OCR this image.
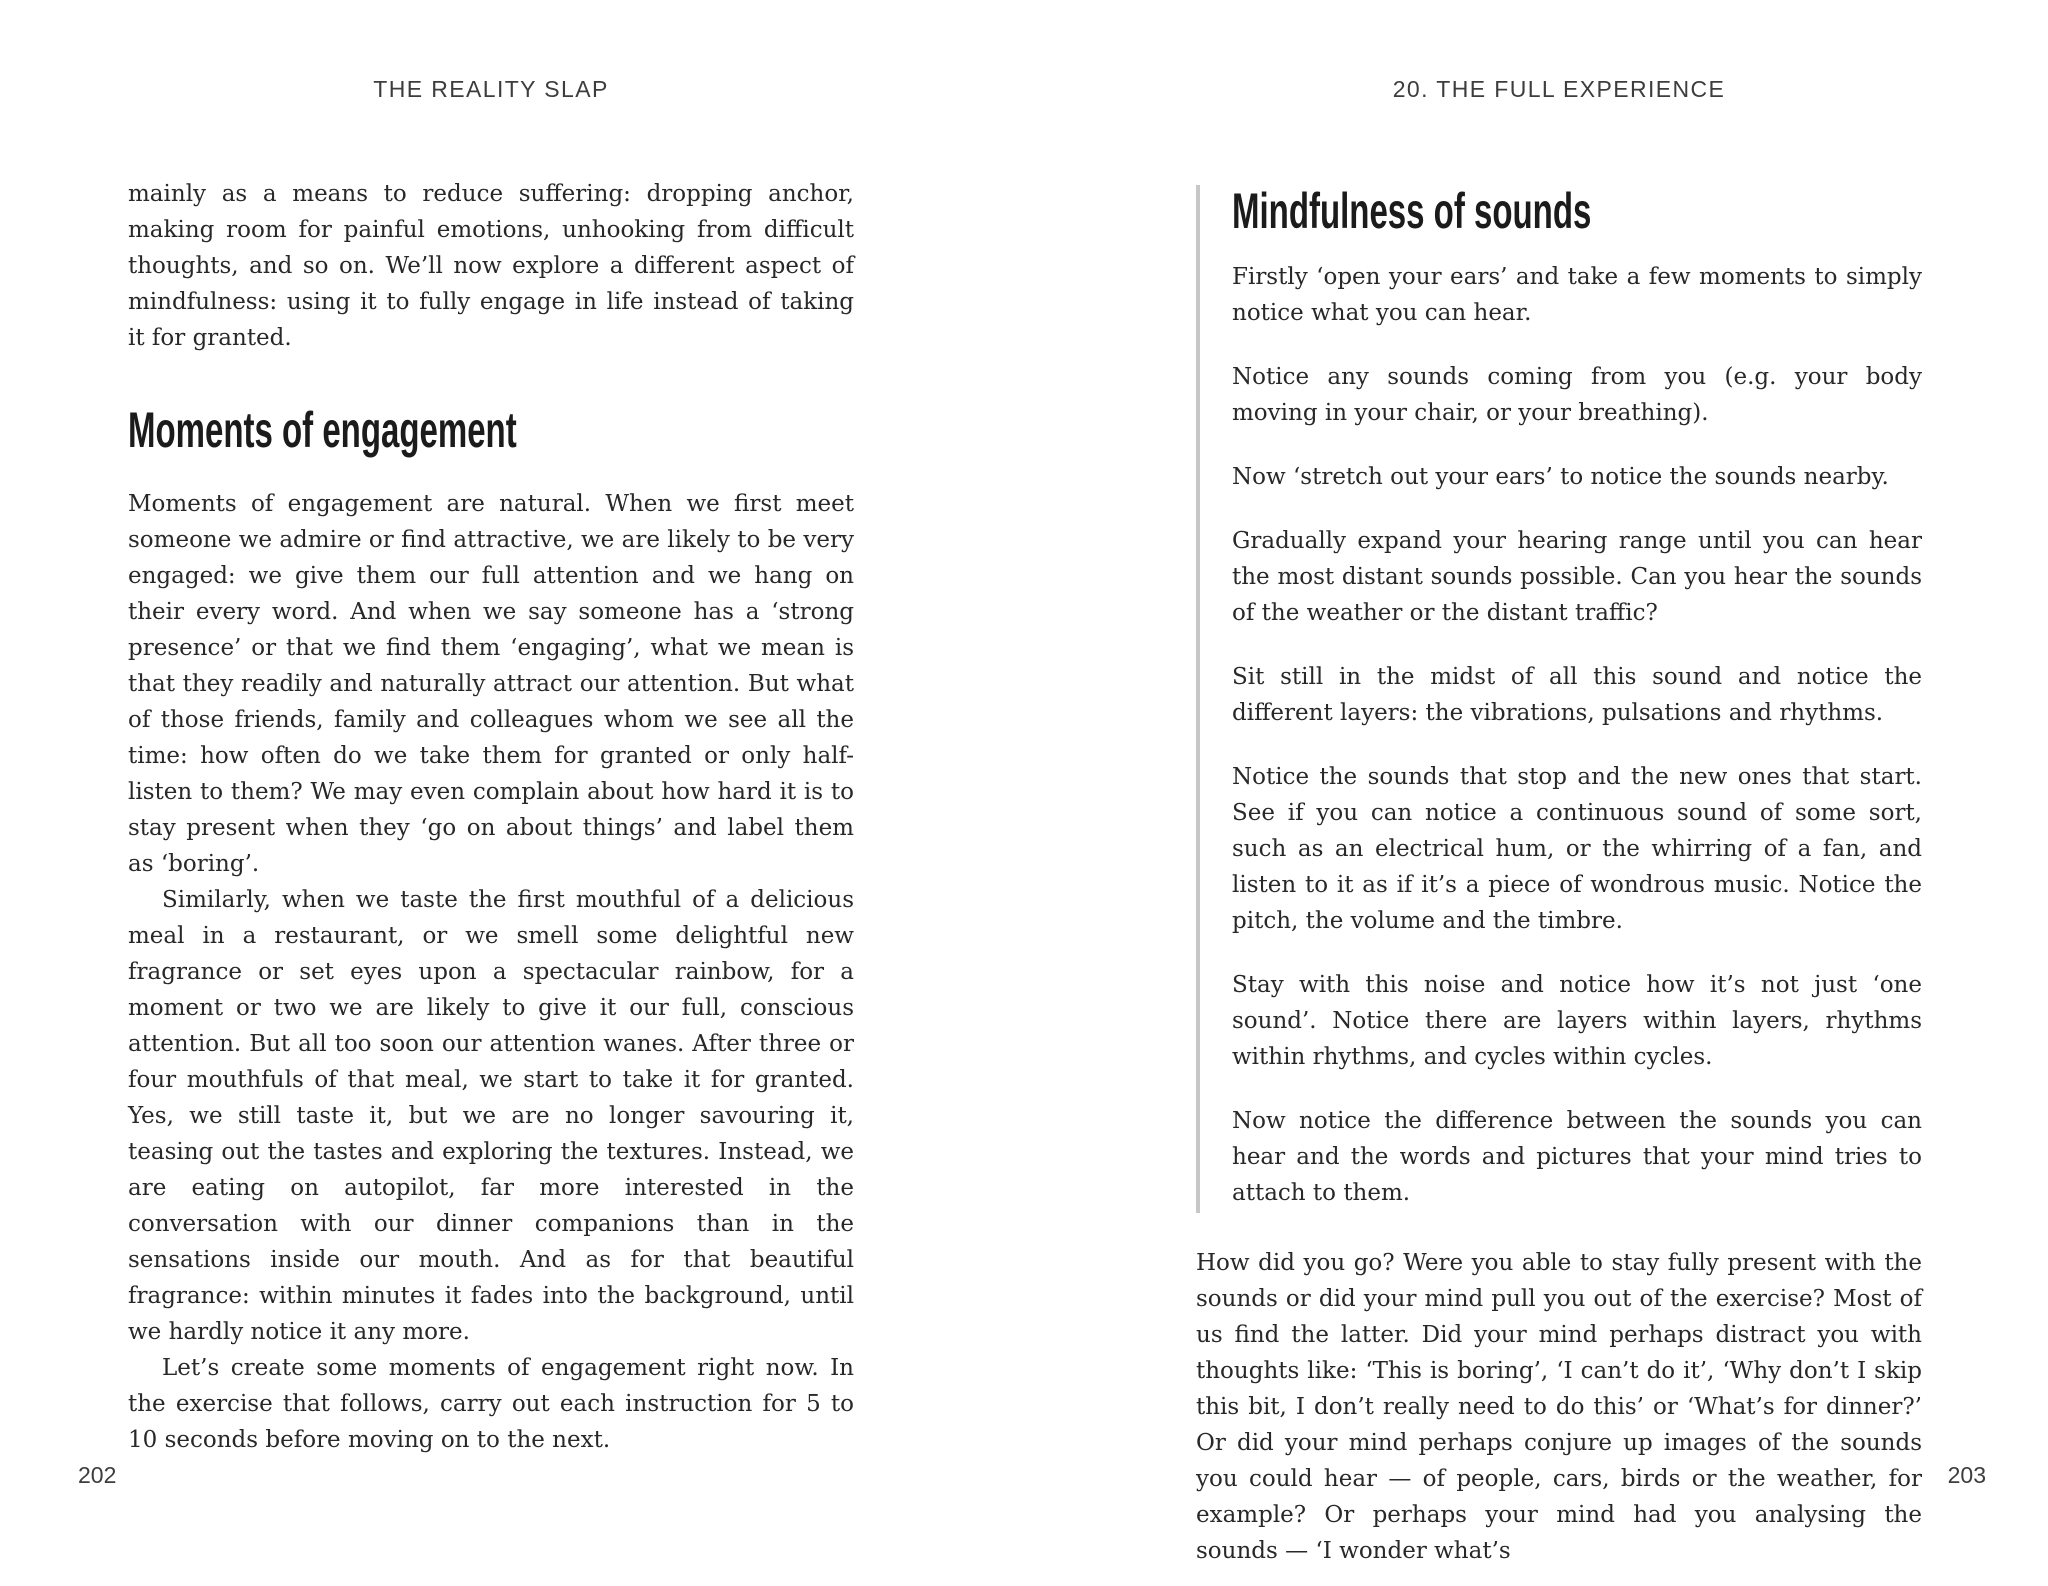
THE REALITY SLAP

mainly as a means to reduce suffering: dropping anchor, making room for painful emotions, unhooking from difficult thoughts, and so on. We’ll now explore a different aspect of mindfulness: using it to fully engage in life instead of taking it for granted.

Moments of engagement

Moments of engagement are natural. When we first meet someone we admire or find attractive, we are likely to be very engaged: we give them our full attention and we hang on their every word. And when we say someone has a ‘strong presence’ or that we find them ‘engaging’, what we mean is that they readily and naturally attract our attention. But what of those friends, family and colleagues whom we see all the time: how often do we take them for granted or only half-listen to them? We may even complain about how hard it is to stay present when they ‘go on about things’ and label them as ‘boring’.

Similarly, when we taste the first mouthful of a delicious meal in a restaurant, or we smell some delightful new fragrance or set eyes upon a spectacular rainbow, for a moment or two we are likely to give it our full, conscious attention. But all too soon our attention wanes. After three or four mouthfuls of that meal, we start to take it for granted. Yes, we still taste it, but we are no longer savouring it, teasing out the tastes and exploring the textures. Instead, we are eating on autopilot, far more interested in the conversation with our dinner companions than in the sensations inside our mouth. And as for that beautiful fragrance: within minutes it fades into the background, until we hardly notice it any more.

Let’s create some moments of engagement right now. In the exercise that follows, carry out each instruction for 5 to 10 seconds before moving on to the next.

202
20. THE FULL EXPERIENCE
Mindfulness of sounds

Firstly ‘open your ears’ and take a few moments to simply notice what you can hear.

Notice any sounds coming from you (e.g. your body moving in your chair, or your breathing).

Now ‘stretch out your ears’ to notice the sounds nearby.

Gradually expand your hearing range until you can hear the most distant sounds possible. Can you hear the sounds of the weather or the distant traffic?

Sit still in the midst of all this sound and notice the different layers: the vibrations, pulsations and rhythms.

Notice the sounds that stop and the new ones that start. See if you can notice a continuous sound of some sort, such as an electrical hum, or the whirring of a fan, and listen to it as if it’s a piece of wondrous music. Notice the pitch, the volume and the timbre.

Stay with this noise and notice how it’s not just ‘one sound’. Notice there are layers within layers, rhythms within rhythms, and cycles within cycles.

Now notice the difference between the sounds you can hear and the words and pictures that your mind tries to attach to them.

How did you go? Were you able to stay fully present with the sounds or did your mind pull you out of the exercise? Most of us find the latter. Did your mind perhaps distract you with thoughts like: ‘This is boring’, ‘I can’t do it’, ‘Why don’t I skip this bit, I don’t really need to do this’ or ‘What’s for dinner?’ Or did your mind perhaps conjure up images of the sounds you could hear — of people, cars, birds or the weather, for example? Or perhaps your mind had you analysing the sounds — ‘I wonder what’s

203
